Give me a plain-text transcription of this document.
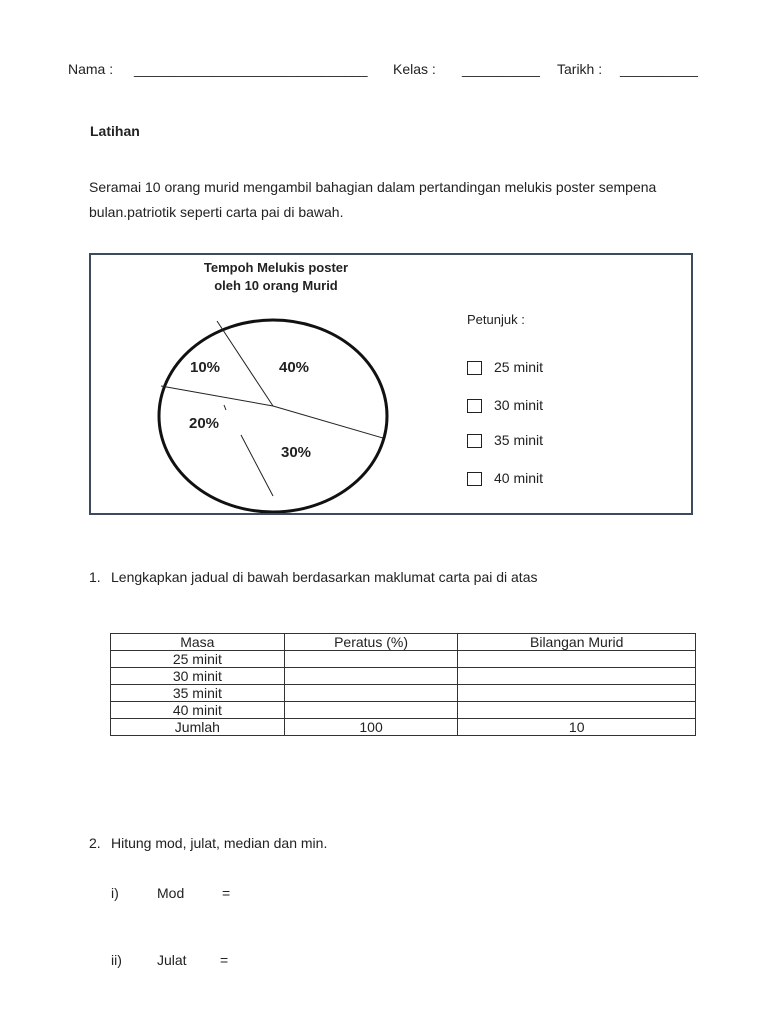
Nama : ______________________________ Kelas : __________ Tarikh : __________
Latihan
Seramai 10 orang murid mengambil bahagian dalam pertandingan melukis poster sempena
bulan.patriotik seperti carta pai di bawah.
Tempoh Melukis poster
oleh 10 orang Murid
10%	40%
20%
30%
Petunjuk :
25 minit
30 minit
35 minit
40 minit
1. Lengkapkan jadual di bawah berdasarkan maklumat carta pai di atas
Masa	Peratus (%)	Bilangan Murid
25 minit		
30 minit		
35 minit		
40 minit		
Jumlah	100	10
2. Hitung mod, julat, median dan min.
i)	Mod	=
ii)	Julat =
